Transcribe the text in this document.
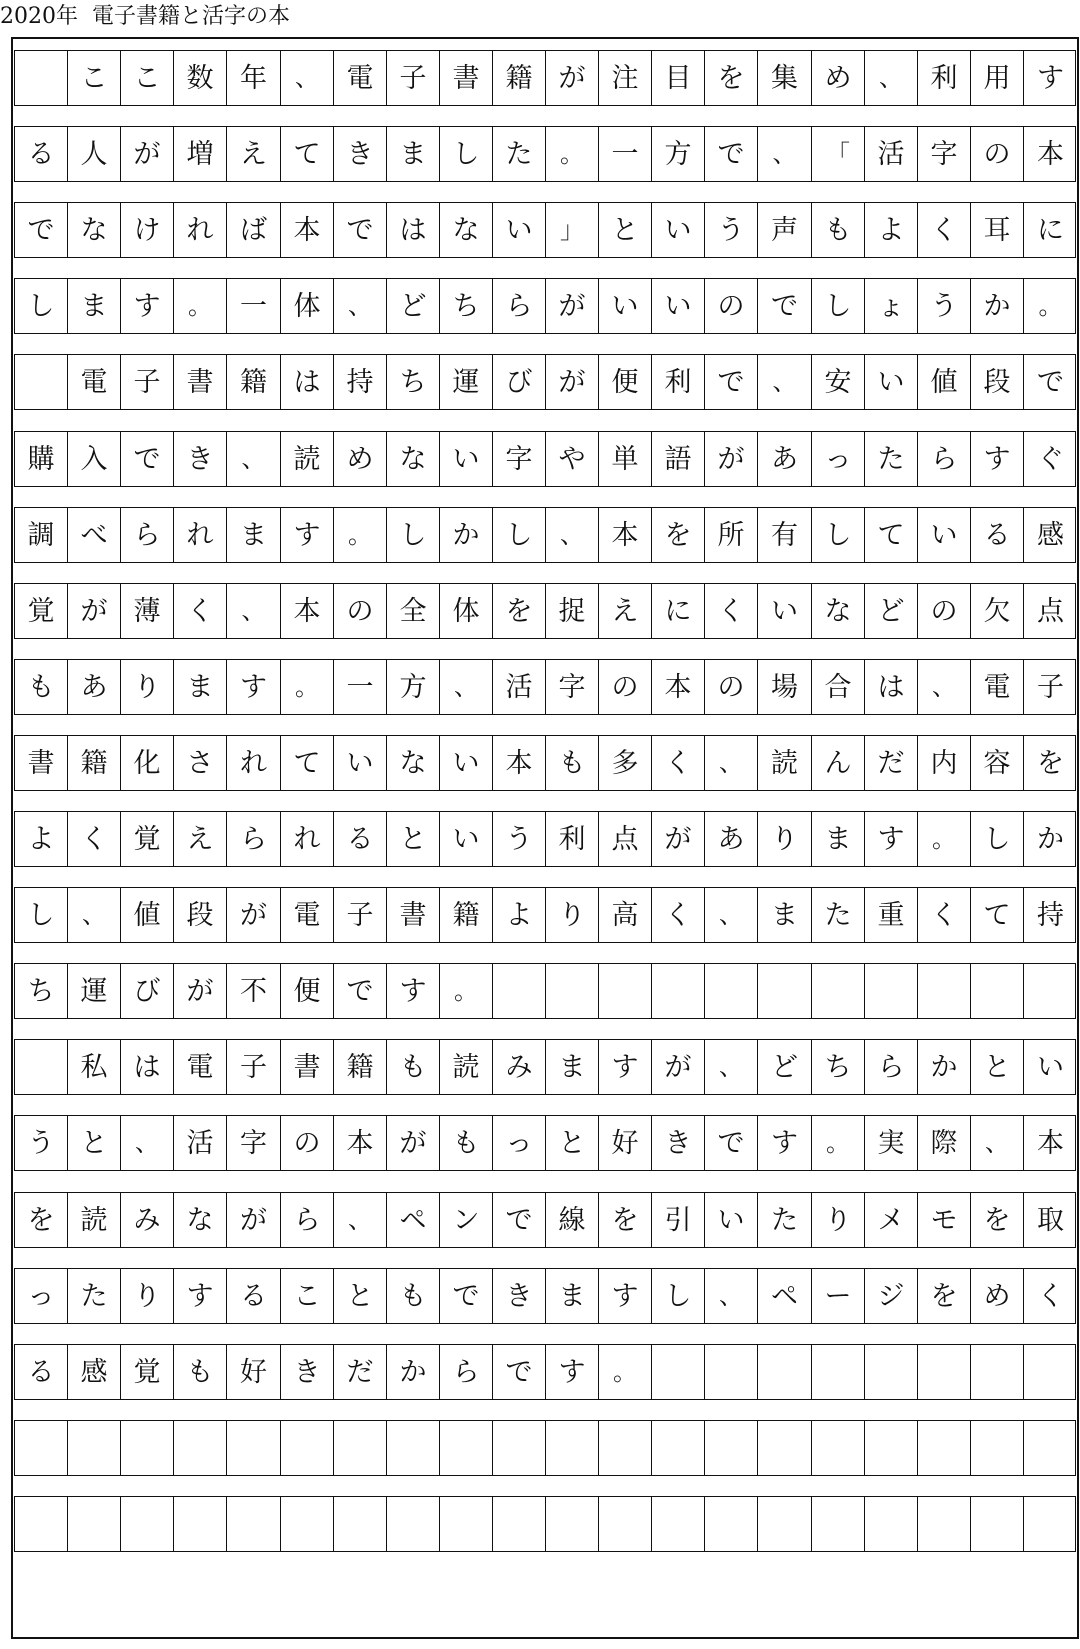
2020年  電子書籍と活字の本
こ こ 数 年	、	電 子 書 籍 が 注 目 を 集 め	、	利 用 す
る 人 が 増 え て き ま し た	。	一 方 で	、	「	活 字 の 本
で な け れ ば 本 で は な い	」	と い う 声 も よ く 耳 に
し ま す	。	一 体	、	ど ち ら が い い の で し ょ う か	。
電 子 書 籍 は 持 ち 運 び が 便 利 で	、	安 い 値 段 で
購 入 で き	、	読 め な い 字 や 単 語 が あ っ た ら す ぐ
調 べ ら れ ま す	。	し か し	、	本 を 所 有 し て い る 感
覚 が 薄 く	、	本 の 全 体 を 捉 え に く い な ど の 欠 点
も あ り ま す	。	一 方	、	活 字 の 本 の 場 合 は	、	電 子
書 籍 化 さ れ て い な い 本 も 多 く	、	読 ん だ 内 容 を
よ く 覚 え ら れ る と い う 利 点 が あ り ま す	。	し か
し	、	値 段 が 電 子 書 籍 よ り 高 く	、	ま た 重 く て 持
ち 運 び が 不 便 で す	。
私 は 電 子 書 籍 も 読 み ま す が	、	ど ち ら か と い
う と	、	活 字 の 本 が も っ と 好 き で す	。	実 際	、	本
を 読 み な が ら	、	ペ ン で 線 を 引 い た り メ モ を 取
っ た り す る こ と も で き ま す し	、	ペ ー ジ を め く
る 感 覚 も 好 き だ か ら で す	。
